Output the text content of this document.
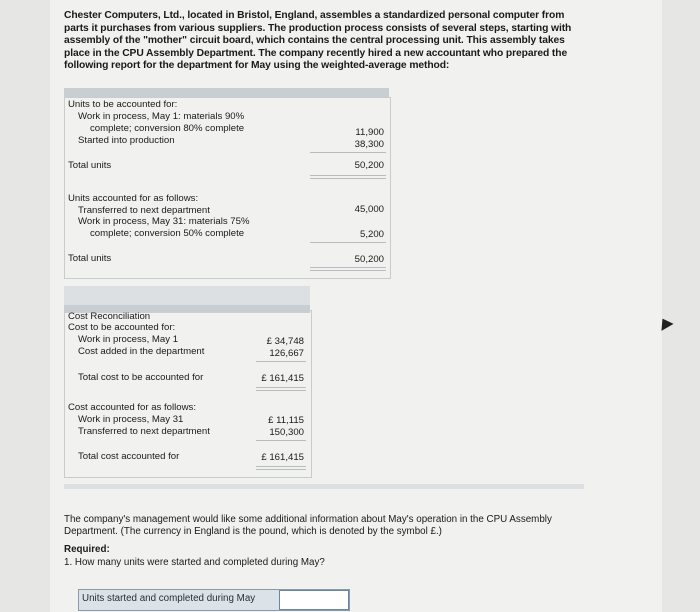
Chester Computers, Ltd., located in Bristol, England, assembles a standardized personal computer from parts it purchases from various suppliers. The production process consists of several steps, starting with assembly of the "mother" circuit board, which contains the central processing unit. This assembly takes place in the CPU Assembly Department. The company recently hired a new accountant who prepared the following report for the department for May using the weighted-average method:
Units to be accounted for:
Work in process, May 1: materials 90%
complete; conversion 80% complete	11,900
Started into production	38,300
Total units	50,200
Units accounted for as follows:
Transferred to next department	45,000
Work in process, May 31: materials 75%
complete; conversion 50% complete	5,200
Total units	50,200
Cost Reconciliation
Cost to be accounted for:
Work in process, May 1	£ 34,748
Cost added in the department	126,667
Total cost to be accounted for	£ 161,415
Cost accounted for as follows:
Work in process, May 31	£ 11,115
Transferred to next department	150,300
Total cost accounted for	£ 161,415
The company's management would like some additional information about May's operation in the CPU Assembly Department. (The currency in England is the pound, which is denoted by the symbol £.)
Required:
1. How many units were started and completed during May?
Units started and completed during May
